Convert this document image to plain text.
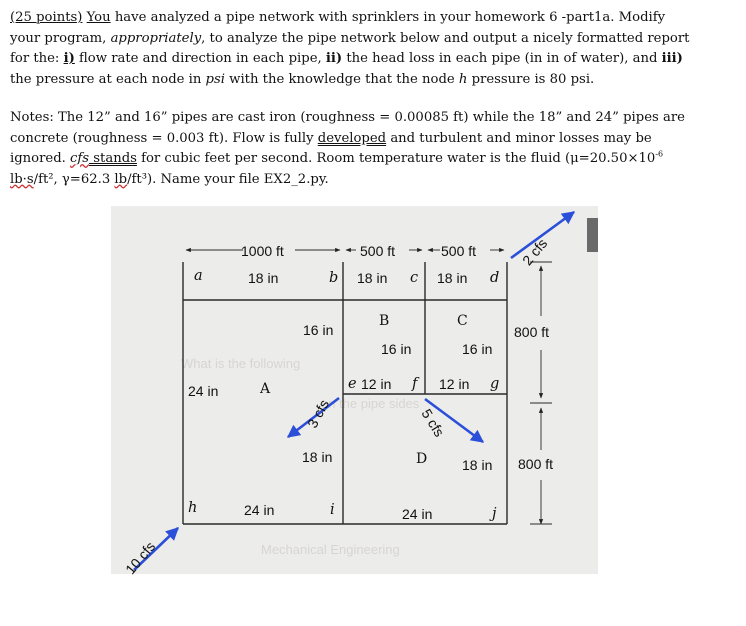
(25 points) You have analyzed a pipe network with sprinklers in your homework 6 -part1a. Modify
your program, appropriately, to analyze the pipe network below and output a nicely formatted report
for the: i) flow rate and direction in each pipe, ii) the head loss in each pipe (in in of water), and iii)
the pressure at each node in psi with the knowledge that the node h pressure is 80 psi.

Notes: The 12” and 16” pipes are cast iron (roughness = 0.00085 ft) while the 18” and 24” pipes are
concrete (roughness = 0.003 ft). Flow is fully developed and turbulent and minor losses may be
ignored. cfs stands for cubic feet per second. Room temperature water is the fluid ($\mu=20.50\times 10^{-6}$
lb·s/ft², γ=62.3 lb/ft³). Name your file EX2_2.py.

What is the following
on the pipe sides
Mechanical Engineering
1000 ft	500 ft	500 ft
800 ft
800 ft
18 in	18 in	18 in
16 in
16 in	16 in
24 in	12 in	12 in
18 in	18 in
24 in	24 in
a	b	c	d
e	f	g
h	i	j
B	C
A
D
10 cfs
2 cfs
3 cfs	5 cfs
